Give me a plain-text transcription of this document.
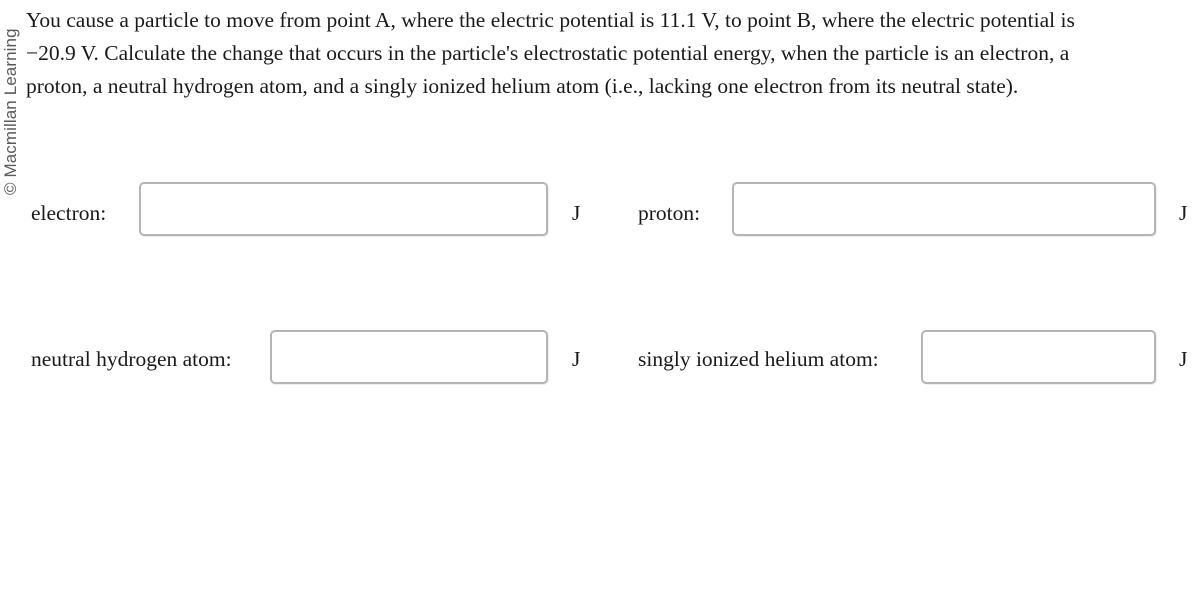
© Macmillan Learning

You cause a particle to move from point A, where the electric potential is 11.1 V, to point B, where the electric potential is
−20.9 V. Calculate the change that occurs in the particle's electrostatic potential energy, when the particle is an electron, a
proton, a neutral hydrogen atom, and a singly ionized helium atom (i.e., lacking one electron from its neutral state).

electron:	J	proton:	J
neutral hydrogen atom:	J	singly ionized helium atom:	J
